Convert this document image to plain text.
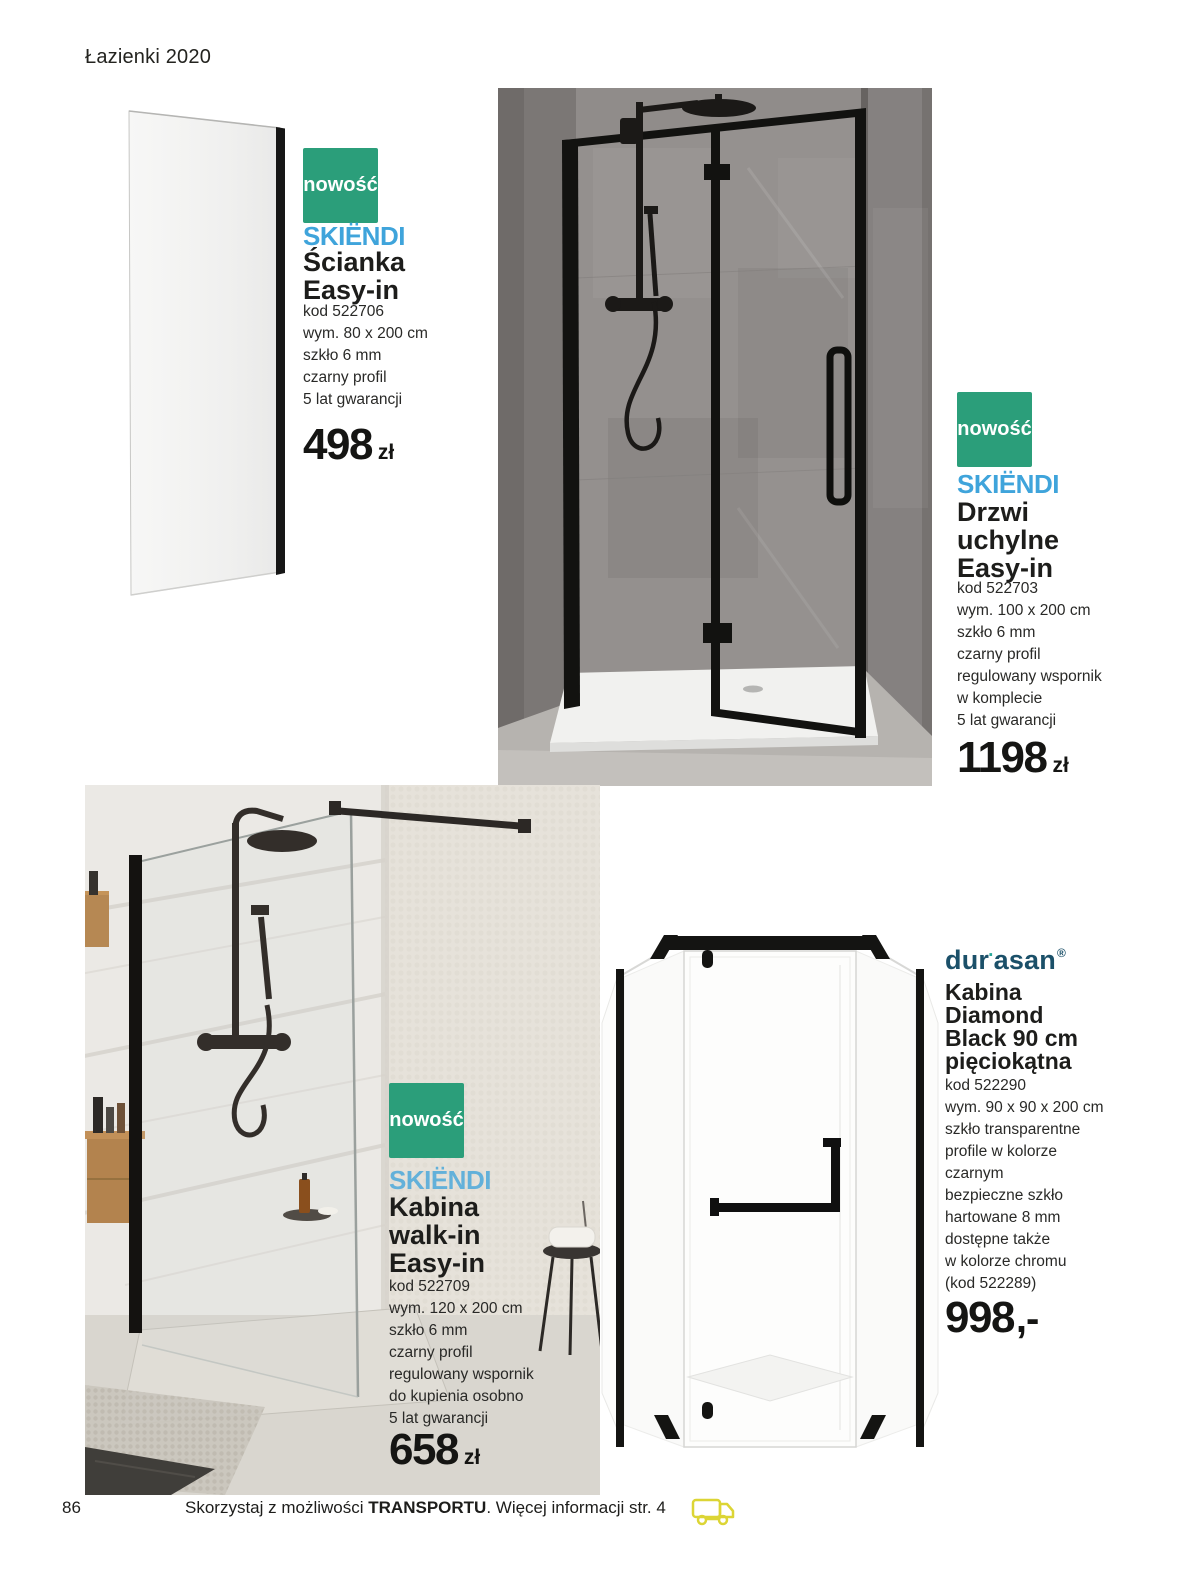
Łazienki 2020
nowość
SKIËNDI
Ścianka
Easy-in
kod 522706
wym. 80 x 200 cm
szkło 6 mm
czarny profil
5 lat gwarancji
498 zł
nowość
SKIËNDI
Drzwi
uchylne
Easy-in
kod 522703
wym. 100 x 200 cm
szkło 6 mm
czarny profil
regulowany wspornik
w komplecie
5 lat gwarancji
1198 zł
nowość
SKIËNDI
Kabina
walk-in
Easy-in
kod 522709
wym. 120 x 200 cm
szkło 6 mm
czarny profil
regulowany wspornik
do kupienia osobno
5 lat gwarancji
658 zł
dur·asan®
Kabina
Diamond
Black 90 cm
pięciokątna
kod 522290
wym. 90 x 90 x 200 cm
szkło transparentne
profile w kolorze
czarnym
bezpieczne szkło
hartowane 8 mm
dostępne także
w kolorze chromu
(kod 522289)
998 ,-
86	Skorzystaj z możliwości TRANSPORTU. Więcej informacji str. 4
